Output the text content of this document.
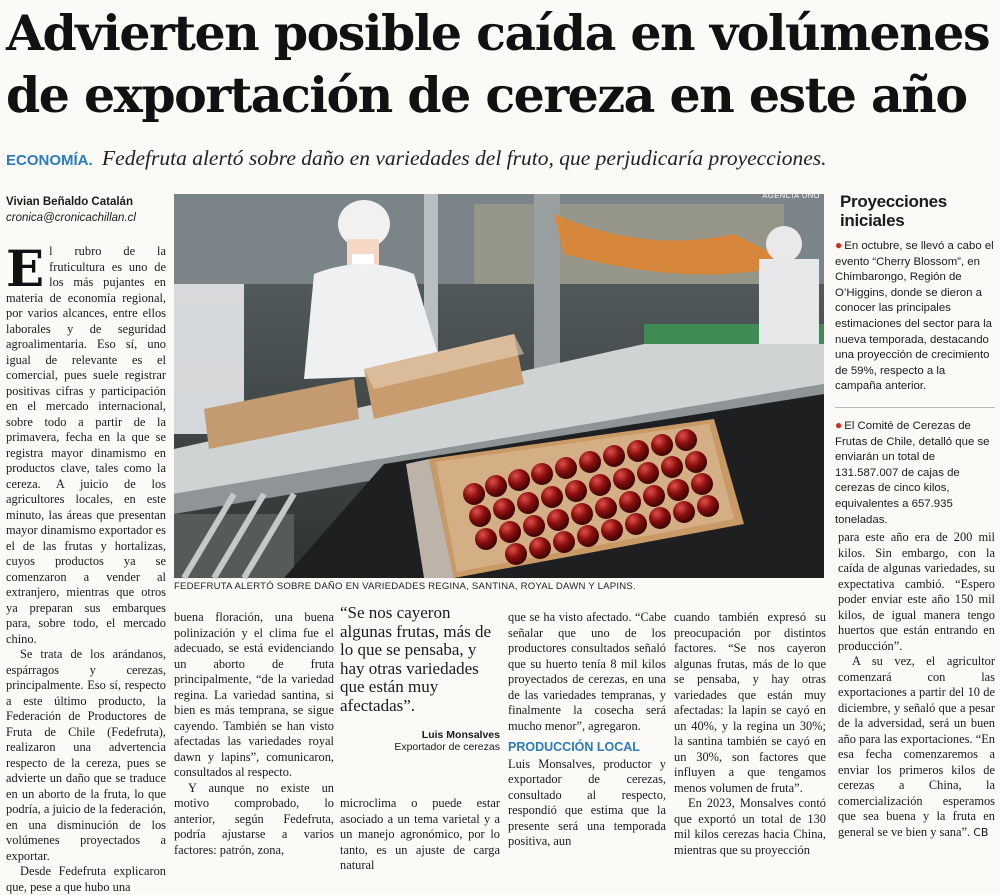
Advierten posible caída en volúmenes de exportación de cereza en este año
ECONOMÍA. Fedefruta alertó sobre daño en variedades del fruto, que perjudicaría proyecciones.
Vivian Beñaldo Catalán
cronica@cronicachillan.cl

El rubro de la fruticultura es uno de los más pujantes en materia de economía regional, por varios alcances, entre ellos laborales y de seguridad agroalimentaria. Eso sí, uno igual de relevante es el comercial, pues suele registrar positivas cifras y participación en el mercado internacional, sobre todo a partir de la primavera, fecha en la que se registra mayor dinamismo en productos clave, tales como la cereza. A juicio de los agricultores locales, en este minuto, las áreas que presentan mayor dinamismo exportador es el de las frutas y hortalizas, cuyos productos ya se comenzaron a vender al extranjero, mientras que otros ya preparan sus embarques para, sobre todo, el mercado chino.

Se trata de los arándanos, espárragos y cerezas, principalmente. Eso sí, respecto a este último producto, la Federación de Productores de Fruta de Chile (Fedefruta), realizaron una advertencia respecto de la cereza, pues se advierte un daño que se traduce en un aborto de la fruta, lo que podría, a juicio de la federación, en una disminución de los volúmenes proyectados a exportar.

Desde Fedefruta explicaron que, pese a que hubo una

AGENCIA UNO
FEDEFRUTA ALERTÓ SOBRE DAÑO EN VARIEDADES REGINA, SANTINA, ROYAL DAWN Y LAPINS.
Proyecciones iniciales
● En octubre, se llevó a cabo el evento “Cherry Blossom”, en Chimbarongo, Región de O’Higgins, donde se dieron a conocer las principales estimaciones del sector para la nueva temporada, destacando una proyección de crecimiento de 59%, respecto a la campaña anterior.
● El Comité de Cerezas de Frutas de Chile, detalló que se enviarán un total de 131.587.007 de cajas de cerezas de cinco kilos, equivalentes a 657.935 toneladas.

buena floración, una buena polinización y el clima fue el adecuado, se está evidenciando un aborto de fruta principalmente, “de la variedad regina. La variedad santina, si bien es más temprana, se sigue cayendo. También se han visto afectadas las variedades royal dawn y lapins”, comunicaron, consultados al respecto.

Y aunque no existe un motivo comprobado, lo anterior, según Fedefruta, podría ajustarse a varios factores: patrón, zona,

“Se nos cayeron algunas frutas, más de lo que se pensaba, y hay otras variedades que están muy afectadas”.

Luis Monsalves
Exportador de cerezas

microclima o puede estar asociado a un tema varietal y a un manejo agronómico, por lo tanto, es un ajuste de carga natural

que se ha visto afectado. “Cabe señalar que uno de los productores consultados señaló que su huerto tenía 8 mil kilos proyectados de cerezas, en una de las variedades tempranas, y finalmente la cosecha será mucho menor”, agregaron.

PRODUCCIÓN LOCAL

Luis Monsalves, productor y exportador de cerezas, consultado al respecto, respondió que estima que la presente será una temporada positiva, aun

cuando también expresó su preocupación por distintos factores. “Se nos cayeron algunas frutas, más de lo que se pensaba, y hay otras variedades que están muy afectadas: la lapin se cayó en un 40%, y la regina un 30%; la santina también se cayó en un 30%, son factores que influyen a que tengamos menos volumen de fruta”.

En 2023, Monsalves contó que exportó un total de 130 mil kilos cerezas hacia China, mientras que su proyección

para este año era de 200 mil kilos. Sin embargo, con la caída de algunas variedades, su expectativa cambió. “Espero poder enviar este año 150 mil kilos, de igual manera tengo huertos que están entrando en producción”.

A su vez, el agricultor comenzará con las exportaciones a partir del 10 de diciembre, y señaló que a pesar de la adversidad, será un buen año para las exportaciones. “En esa fecha comenzaremos a enviar los primeros kilos de cerezas a China, la comercialización esperamos que sea buena y la fruta en general se ve bien y sana”. CB
